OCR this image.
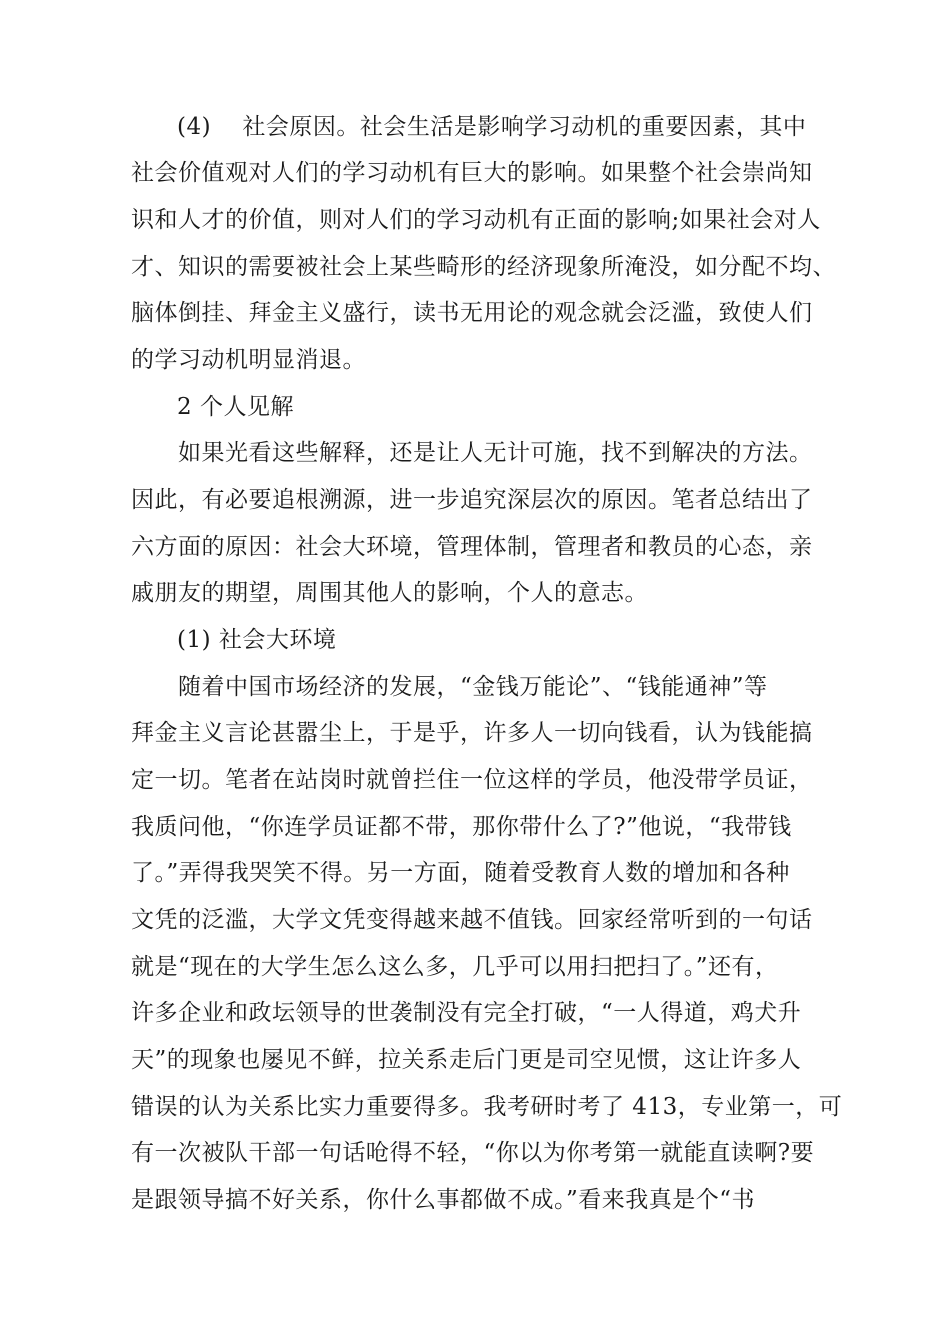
(4)　 社会原因。社会生活是影响学习动机的重要因素，其中
社会价值观对人们的学习动机有巨大的影响。如果整个社会崇尚知
识和人才的价值，则对人们的学习动机有正面的影响;如果社会对人
才、知识的需要被社会上某些畸形的经济现象所淹没，如分配不均、
脑体倒挂、拜金主义盛行，读书无用论的观念就会泛滥，致使人们
的学习动机明显消退。
2 个人见解
如果光看这些解释，还是让人无计可施，找不到解决的方法。
因此，有必要追根溯源，进一步追究深层次的原因。笔者总结出了
六方面的原因：社会大环境，管理体制，管理者和教员的心态，亲
戚朋友的期望，周围其他人的影响，个人的意志。
(1) 社会大环境
随着中国市场经济的发展，“金钱万能论”、“钱能通神”等
拜金主义言论甚嚣尘上，于是乎，许多人一切向钱看，认为钱能搞
定一切。笔者在站岗时就曾拦住一位这样的学员，他没带学员证，
我质问他，“你连学员证都不带，那你带什么了?”他说，“我带钱
了。”弄得我哭笑不得。另一方面，随着受教育人数的增加和各种
文凭的泛滥，大学文凭变得越来越不值钱。回家经常听到的一句话
就是“现在的大学生怎么这么多，几乎可以用扫把扫了。”还有，
许多企业和政坛领导的世袭制没有完全打破，“一人得道，鸡犬升
天”的现象也屡见不鲜，拉关系走后门更是司空见惯，这让许多人
错误的认为关系比实力重要得多。我考研时考了 413，专业第一，可
有一次被队干部一句话呛得不轻，“你以为你考第一就能直读啊?要
是跟领导搞不好关系，你什么事都做不成。”看来我真是个“书
